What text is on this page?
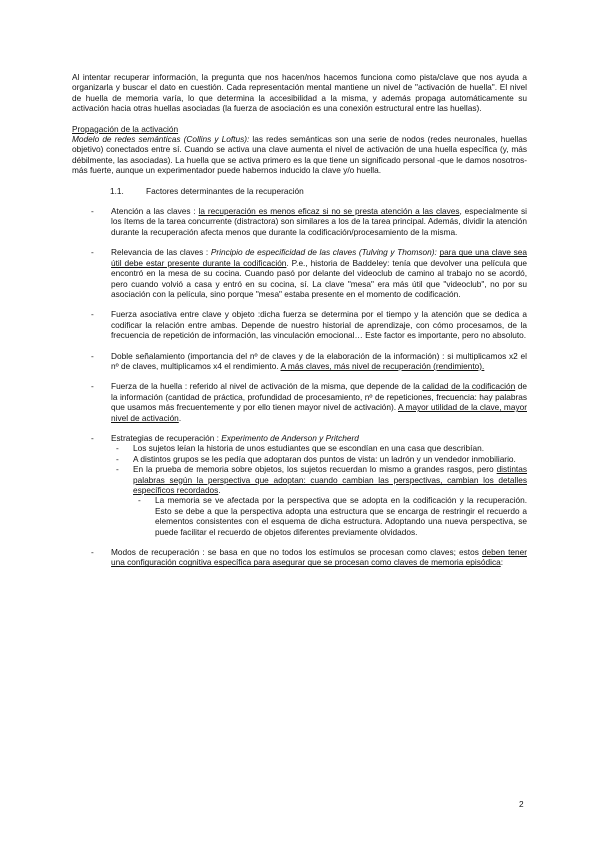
Al intentar recuperar información, la pregunta que nos hacen/nos hacemos funciona como pista/clave que nos ayuda a organizarla y buscar el dato en cuestión. Cada representación mental mantiene un nivel de "activación de huella". El nivel de huella de memoria varía, lo que determina la accesibilidad a la misma, y además propaga automáticamente su activación hacia otras huellas asociadas (la fuerza de asociación es una conexión estructural entre las huellas).

Propagación de la activación

Modelo de redes semánticas (Collins y Loftus): las redes semánticas son una serie de nodos (redes neuronales, huellas objetivo) conectados entre sí. Cuando se activa una clave aumenta el nivel de activación de una huella específica (y, más débilmente, las asociadas). La huella que se activa primero es la que tiene un significado personal -que le damos nosotros- más fuerte, aunque un experimentador puede habernos inducido la clave y/o huella.

1.1.	Factores determinantes de la recuperación

- Atención a las claves : la recuperación es menos eficaz si no se presta atención a las claves, especialmente si los ítems de la tarea concurrente (distractora) son similares a los de la tarea principal. Además, dividir la atención durante la recuperación afecta menos que durante la codificación/procesamiento de la misma.
- Relevancia de las claves : Principio de especificidad de las claves (Tulving y Thomson): para que una clave sea útil debe estar presente durante la codificación. P.e., historia de Baddeley: tenía que devolver una película que encontró en la mesa de su cocina. Cuando pasó por delante del videoclub de camino al trabajo no se acordó, pero cuando volvió a casa y entró en su cocina, sí. La clave "mesa" era más útil que "videoclub", no por su asociación con la película, sino porque "mesa" estaba presente en el momento de codificación.
- Fuerza asociativa entre clave y objeto :dicha fuerza se determina por el tiempo y la atención que se dedica a codificar la relación entre ambas. Depende de nuestro historial de aprendizaje, con cómo procesamos, de la frecuencia de repetición de información, las vinculación emocional… Este factor es importante, pero no absoluto.
- Doble señalamiento (importancia del nº de claves y de la elaboración de la información) : si multiplicamos x2 el nº de claves, multiplicamos x4 el rendimiento. A más claves, más nivel de recuperación (rendimiento).
- Fuerza de la huella : referido al nivel de activación de la misma, que depende de la calidad de la codificación de la información (cantidad de práctica, profundidad de procesamiento, nº de repeticiones, frecuencia: hay palabras que usamos más frecuentemente y por ello tienen mayor nivel de activación). A mayor utilidad de la clave, mayor nivel de activación.
- Estrategias de recuperación : Experimento de Anderson y Pritcherd
- Los sujetos leían la historia de unos estudiantes que se escondían en una casa que describían.
- A distintos grupos se les pedía que adoptaran dos puntos de vista: un ladrón y un vendedor inmobiliario.
- En la prueba de memoria sobre objetos, los sujetos recuerdan lo mismo a grandes rasgos, pero distintas palabras según la perspectiva que adoptan: cuando cambian las perspectivas, cambian los detalles específicos recordados.
- La memoria se ve afectada por la perspectiva que se adopta en la codificación y la recuperación. Esto se debe a que la perspectiva adopta una estructura que se encarga de restringir el recuerdo a elementos consistentes con el esquema de dicha estructura. Adoptando una nueva perspectiva, se puede facilitar el recuerdo de objetos diferentes previamente olvidados.
- Modos de recuperación : se basa en que no todos los estímulos se procesan como claves; estos deben tener una configuración cognitiva específica para asegurar que se procesan como claves de memoria episódica:
2
